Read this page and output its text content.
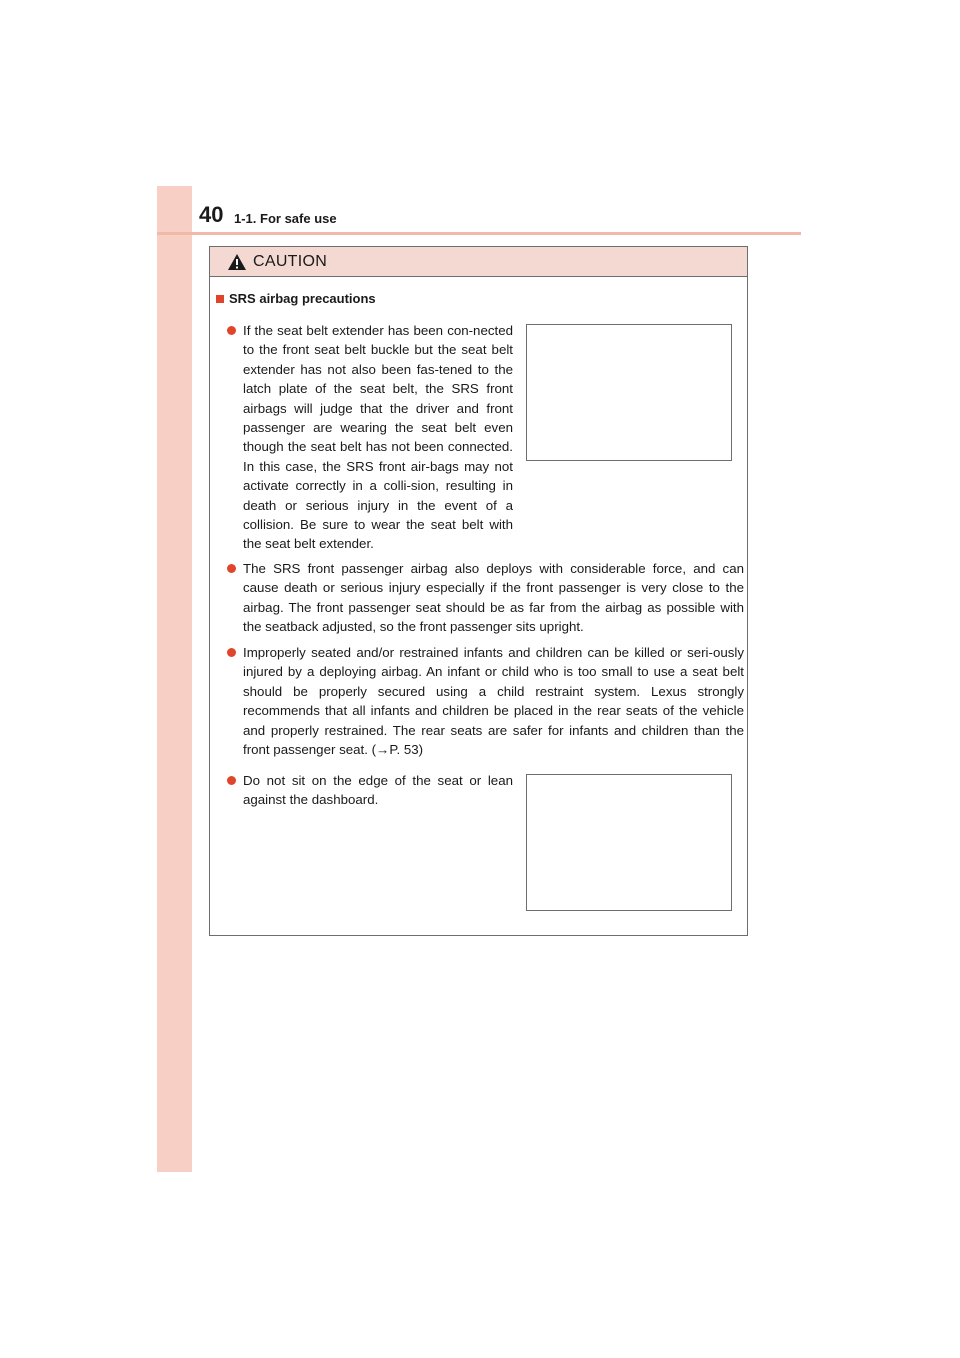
40 1-1. For safe use
CAUTION
SRS airbag precautions
If the seat belt extender has been con-nected to the front seat belt buckle but the seat belt extender has not also been fas-tened to the latch plate of the seat belt, the SRS front airbags will judge that the driver and front passenger are wearing the seat belt even though the seat belt has not been connected. In this case, the SRS front air-bags may not activate correctly in a colli-sion, resulting in death or serious injury in the event of a collision. Be sure to wear the seat belt with the seat belt extender.
The SRS front passenger airbag also deploys with considerable force, and can cause death or serious injury especially if the front passenger is very close to the airbag. The front passenger seat should be as far from the airbag as possible with the seatback adjusted, so the front passenger sits upright.
Improperly seated and/or restrained infants and children can be killed or seri-ously injured by a deploying airbag. An infant or child who is too small to use a seat belt should be properly secured using a child restraint system. Lexus strongly recommends that all infants and children be placed in the rear seats of the vehicle and properly restrained. The rear seats are safer for infants and children than the front passenger seat. (→P. 53)
Do not sit on the edge of the seat or lean against the dashboard.
